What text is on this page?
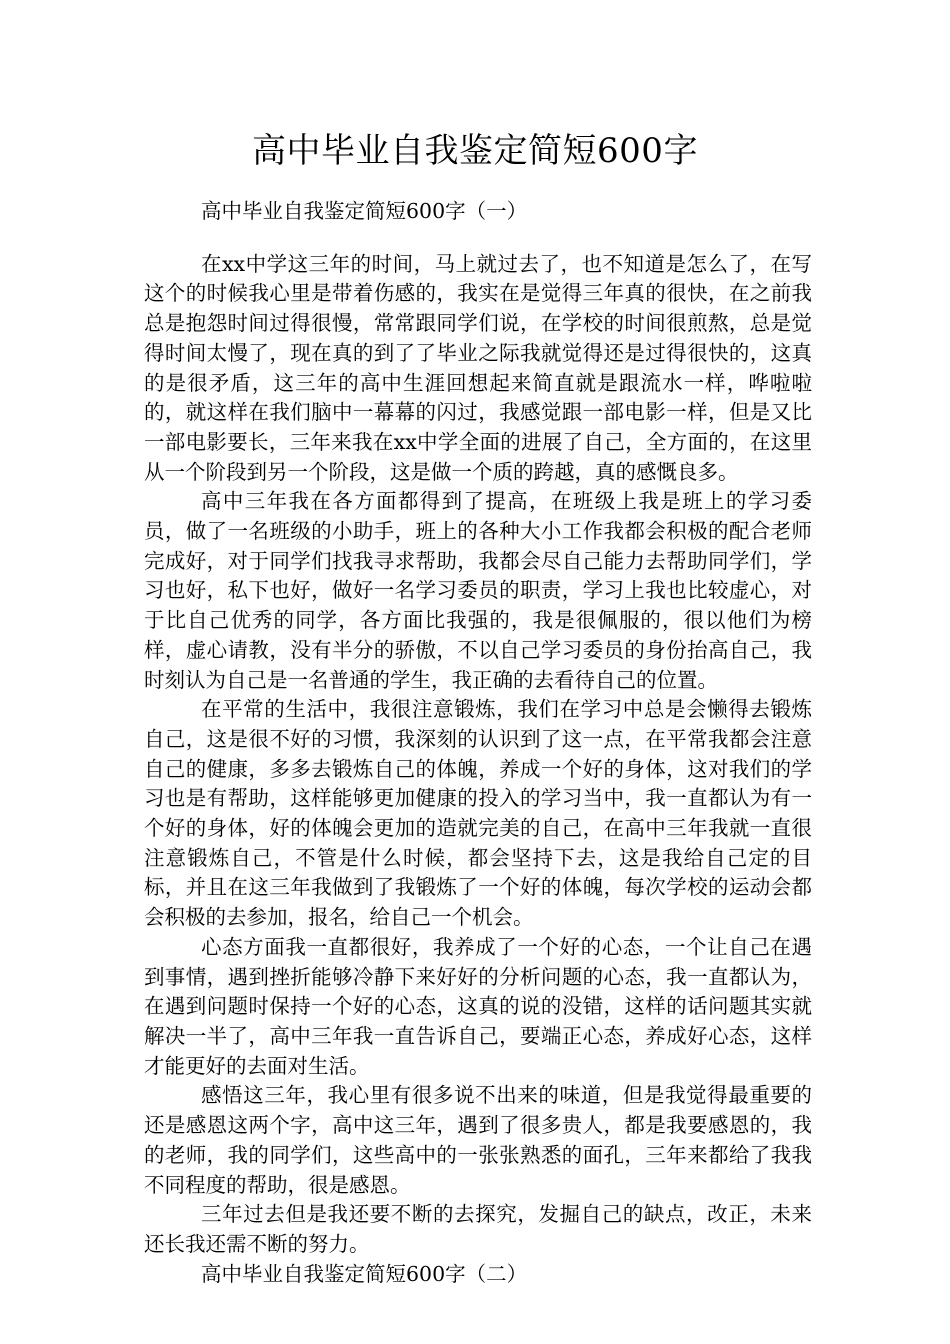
高中毕业自我鉴定简短600字

高中毕业自我鉴定简短600字（一）

在xx中学这三年的时间，马上就过去了，也不知道是怎么了，在写这个的时候我心里是带着伤感的，我实在是觉得三年真的很快，在之前我总是抱怨时间过得很慢，常常跟同学们说，在学校的时间很煎熬，总是觉得时间太慢了，现在真的到了了毕业之际我就觉得还是过得很快的，这真的是很矛盾，这三年的高中生涯回想起来简直就是跟流水一样，哗啦啦的，就这样在我们脑中一幕幕的闪过，我感觉跟一部电影一样，但是又比一部电影要长，三年来我在xx中学全面的进展了自己，全方面的，在这里从一个阶段到另一个阶段，这是做一个质的跨越，真的感慨良多。

高中三年我在各方面都得到了提高，在班级上我是班上的学习委员，做了一名班级的小助手，班上的各种大小工作我都会积极的配合老师完成好，对于同学们找我寻求帮助，我都会尽自己能力去帮助同学们，学习也好，私下也好，做好一名学习委员的职责，学习上我也比较虚心，对于比自己优秀的同学，各方面比我强的，我是很佩服的，很以他们为榜样，虚心请教，没有半分的骄傲，不以自己学习委员的身份抬高自己，我时刻认为自己是一名普通的学生，我正确的去看待自己的位置。

在平常的生活中，我很注意锻炼，我们在学习中总是会懒得去锻炼自己，这是很不好的习惯，我深刻的认识到了这一点，在平常我都会注意自己的健康，多多去锻炼自己的体魄，养成一个好的身体，这对我们的学习也是有帮助，这样能够更加健康的投入的学习当中，我一直都认为有一个好的身体，好的体魄会更加的造就完美的自己，在高中三年我就一直很注意锻炼自己，不管是什么时候，都会坚持下去，这是我给自己定的目标，并且在这三年我做到了我锻炼了一个好的体魄，每次学校的运动会都会积极的去参加，报名，给自己一个机会。

心态方面我一直都很好，我养成了一个好的心态，一个让自己在遇到事情，遇到挫折能够冷静下来好好的分析问题的心态，我一直都认为，在遇到问题时保持一个好的心态，这真的说的没错，这样的话问题其实就解决一半了，高中三年我一直告诉自己，要端正心态，养成好心态，这样才能更好的去面对生活。

感悟这三年，我心里有很多说不出来的味道，但是我觉得最重要的还是感恩这两个字，高中这三年，遇到了很多贵人，都是我要感恩的，我的老师，我的同学们，这些高中的一张张熟悉的面孔，三年来都给了我我不同程度的帮助，很是感恩。

三年过去但是我还要不断的去探究，发掘自己的缺点，改正，未来还长我还需不断的努力。

高中毕业自我鉴定简短600字（二）
